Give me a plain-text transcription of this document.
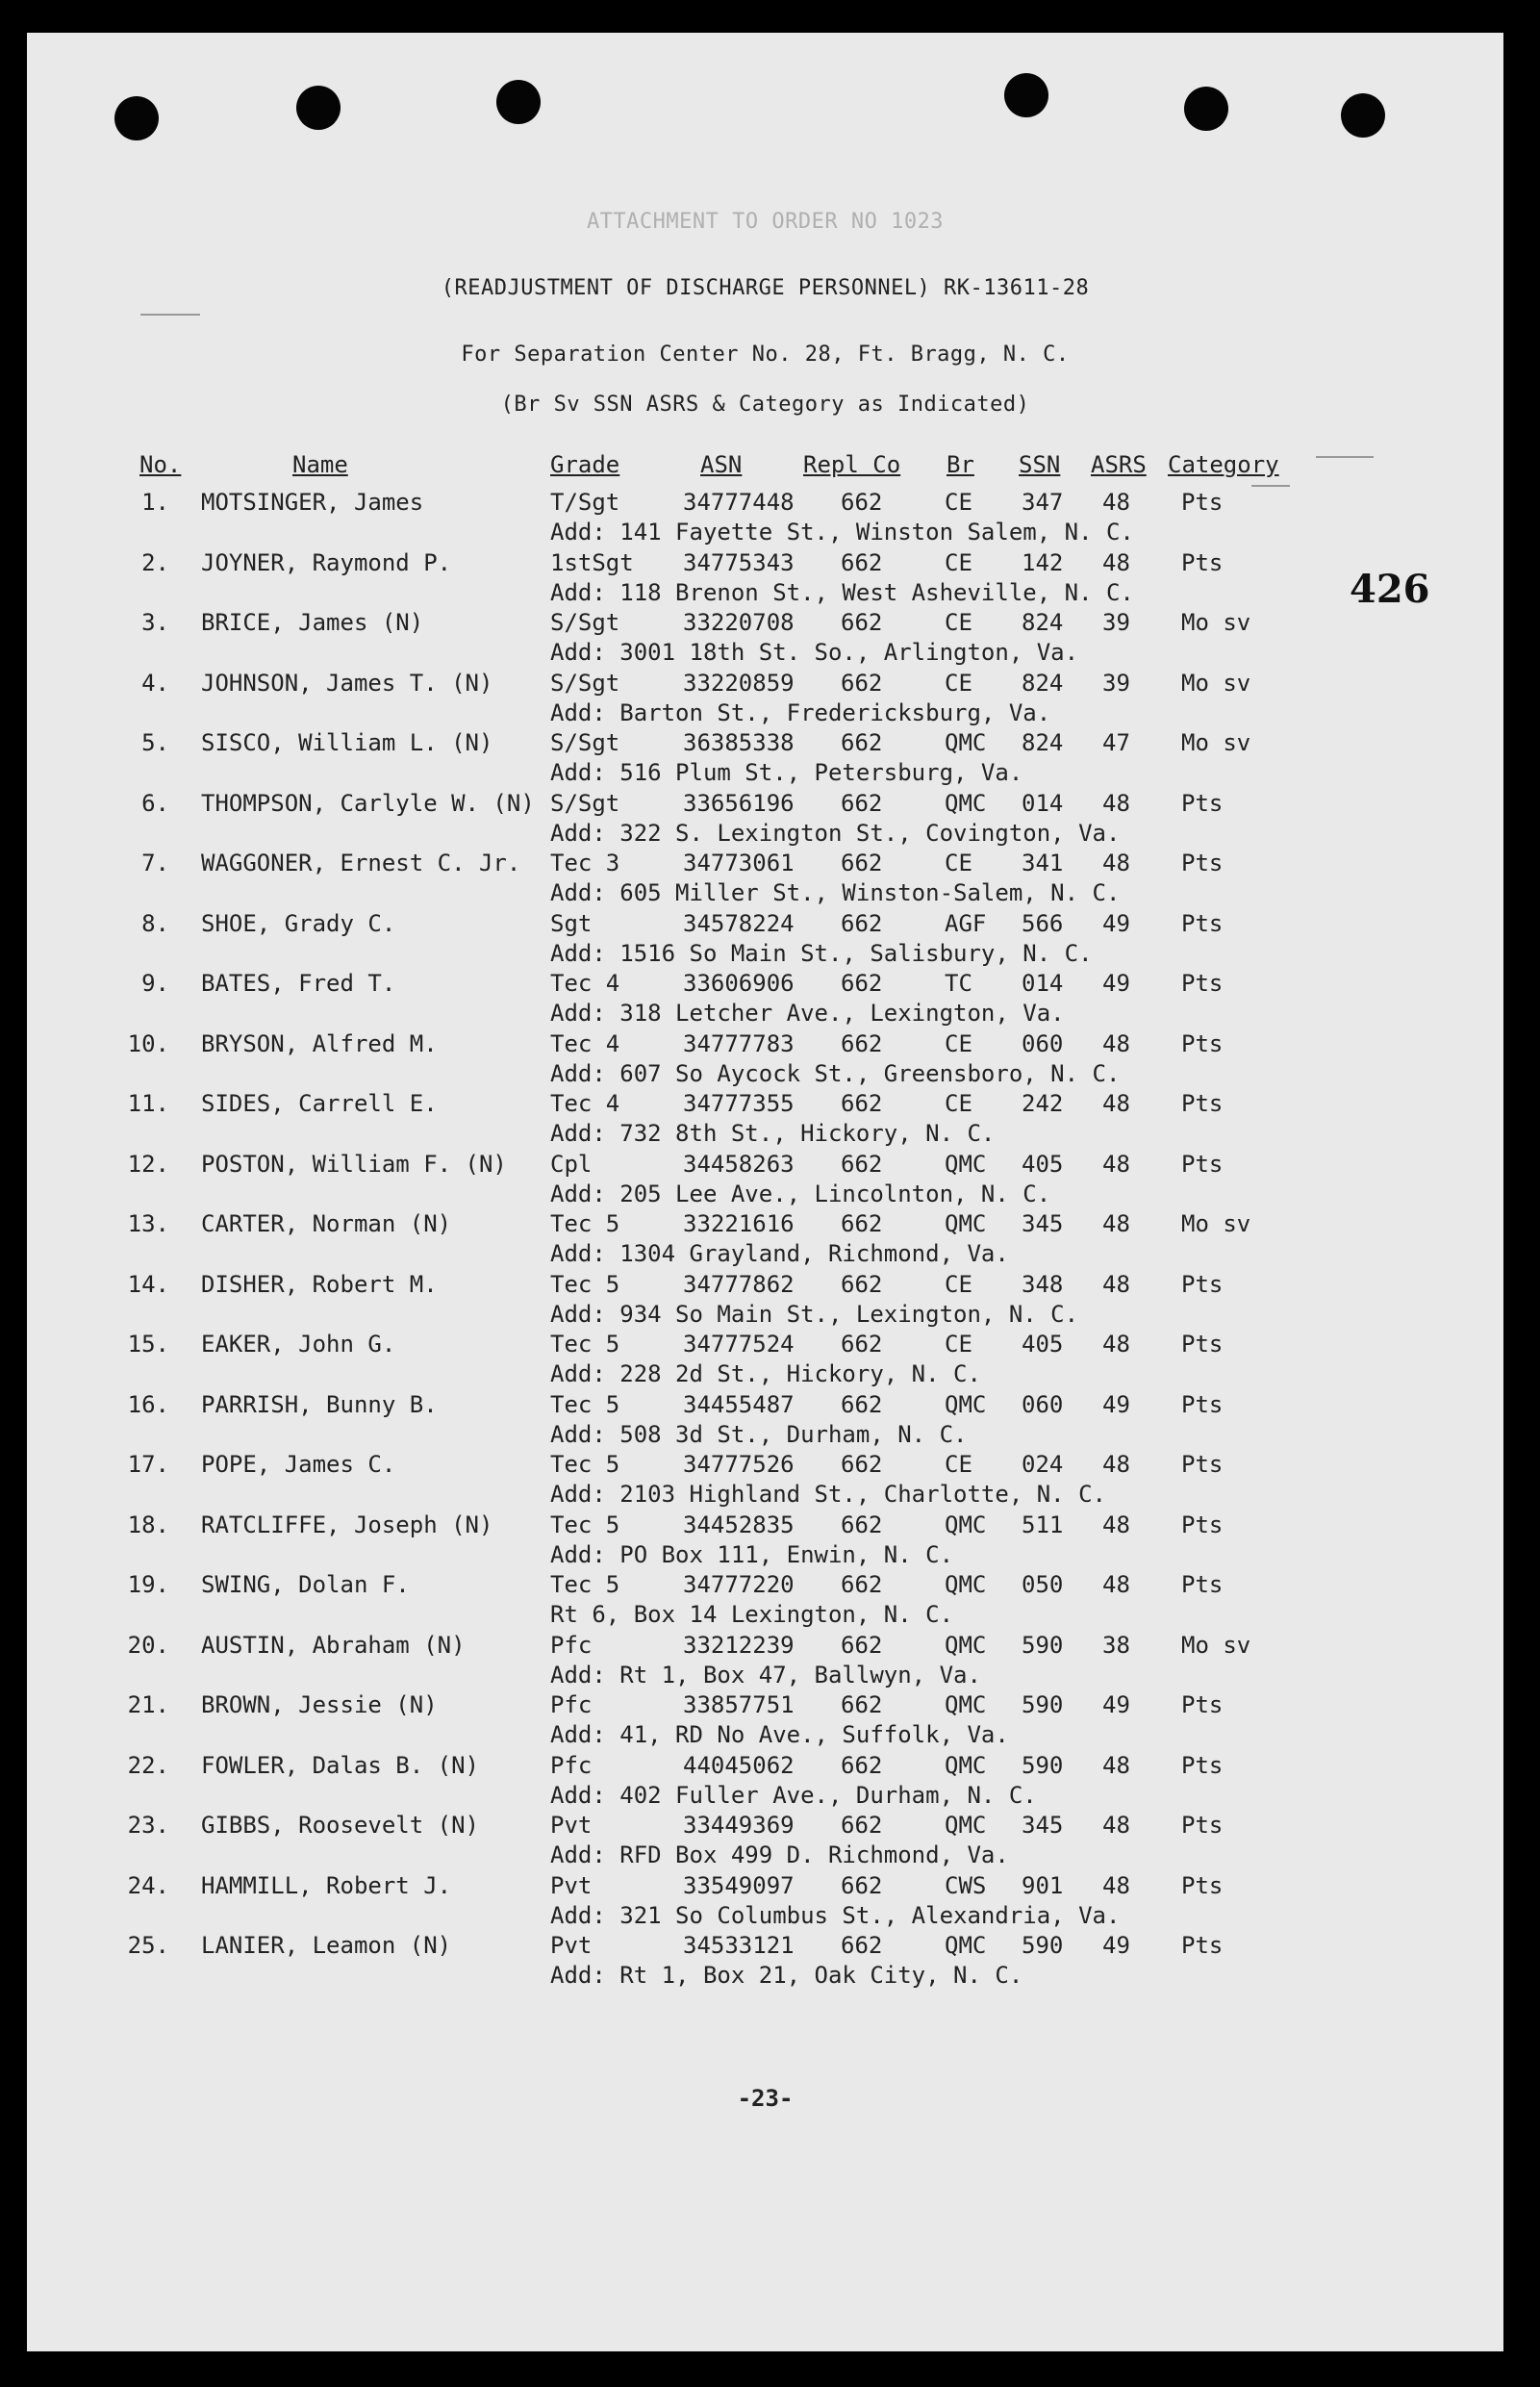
ATTACHMENT TO ORDER NO 1023
(READJUSTMENT OF DISCHARGE PERSONNEL) RK-13611-28
For Separation Center No. 28, Ft. Bragg, N. C.
(Br Sv SSN ASRS & Category as Indicated)
426
No.	Name	Grade	ASN	Repl Co Br SSN ASRS Category
1. MOTSINGER, James	T/Sgt	34777448 662	CE 347 48 Pts
Add: 141 Fayette St., Winston Salem, N. C.
2. JOYNER, Raymond P.	1stSgt 34775343 662	CE 142 48 Pts
Add: 118 Brenon St., West Asheville, N. C.
3. BRICE, James (N)	S/Sgt	33220708 662	CE 824 39 Mo sv
Add: 3001 18th St. So., Arlington, Va.
4. JOHNSON, James T. (N) S/Sgt	33220859 662	CE 824 39 Mo sv
Add: Barton St., Fredericksburg, Va.
5. SISCO, William L. (N) S/Sgt	36385338 662	QMC 824 47 Mo sv
Add: 516 Plum St., Petersburg, Va.
6. THOMPSON, Carlyle W. (N) S/Sgt	33656196 662	QMC 014 48 Pts
Add: 322 S. Lexington St., Covington, Va.
7. WAGGONER, Ernest C. Jr. Tec 3	34773061 662	CE 341 48 Pts
Add: 605 Miller St., Winston-Salem, N. C.
8. SHOE, Grady C.	Sgt	34578224 662	AGF 566 49 Pts
Add: 1516 So Main St., Salisbury, N. C.
9. BATES, Fred T.	Tec 4	33606906 662	TC 014 49 Pts
Add: 318 Letcher Ave., Lexington, Va.
10. BRYSON, Alfred M.	Tec 4	34777783 662	CE 060 48 Pts
Add: 607 So Aycock St., Greensboro, N. C.
11. SIDES, Carrell E.	Tec 4	34777355 662	CE 242 48 Pts
Add: 732 8th St., Hickory, N. C.
12. POSTON, William F. (N) Cpl	34458263 662	QMC 405 48 Pts
Add: 205 Lee Ave., Lincolnton, N. C.
13. CARTER, Norman (N)	Tec 5	33221616 662	QMC 345 48 Mo sv
Add: 1304 Grayland, Richmond, Va.
14. DISHER, Robert M.	Tec 5	34777862 662	CE 348 48 Pts
Add: 934 So Main St., Lexington, N. C.
15. EAKER, John G.	Tec 5	34777524 662	CE 405 48 Pts
Add: 228 2d St., Hickory, N. C.
16. PARRISH, Bunny B.	Tec 5	34455487 662	QMC 060 49 Pts
Add: 508 3d St., Durham, N. C.
17. POPE, James C.	Tec 5	34777526 662	CE 024 48 Pts
Add: 2103 Highland St., Charlotte, N. C.
18. RATCLIFFE, Joseph (N) Tec 5	34452835 662	QMC 511 48 Pts
Add: PO Box 111, Enwin, N. C.
19. SWING, Dolan F.	Tec 5	34777220 662	QMC 050 48 Pts
Rt 6, Box 14 Lexington, N. C.
20. AUSTIN, Abraham (N)	Pfc	33212239 662	QMC 590 38 Mo sv
Add: Rt 1, Box 47, Ballwyn, Va.
21. BROWN, Jessie (N)	Pfc	33857751 662	QMC 590 49 Pts
Add: 41, RD No Ave., Suffolk, Va.
22. FOWLER, Dalas B. (N)	Pfc	44045062 662	QMC 590 48 Pts
Add: 402 Fuller Ave., Durham, N. C.
23. GIBBS, Roosevelt (N)	Pvt	33449369 662	QMC 345 48 Pts
Add: RFD Box 499 D. Richmond, Va.
24. HAMMILL, Robert J.	Pvt	33549097 662	CWS 901 48 Pts
Add: 321 So Columbus St., Alexandria, Va.
25. LANIER, Leamon (N)	Pvt	34533121 662	QMC 590 49 Pts
Add: Rt 1, Box 21, Oak City, N. C.
-23-
